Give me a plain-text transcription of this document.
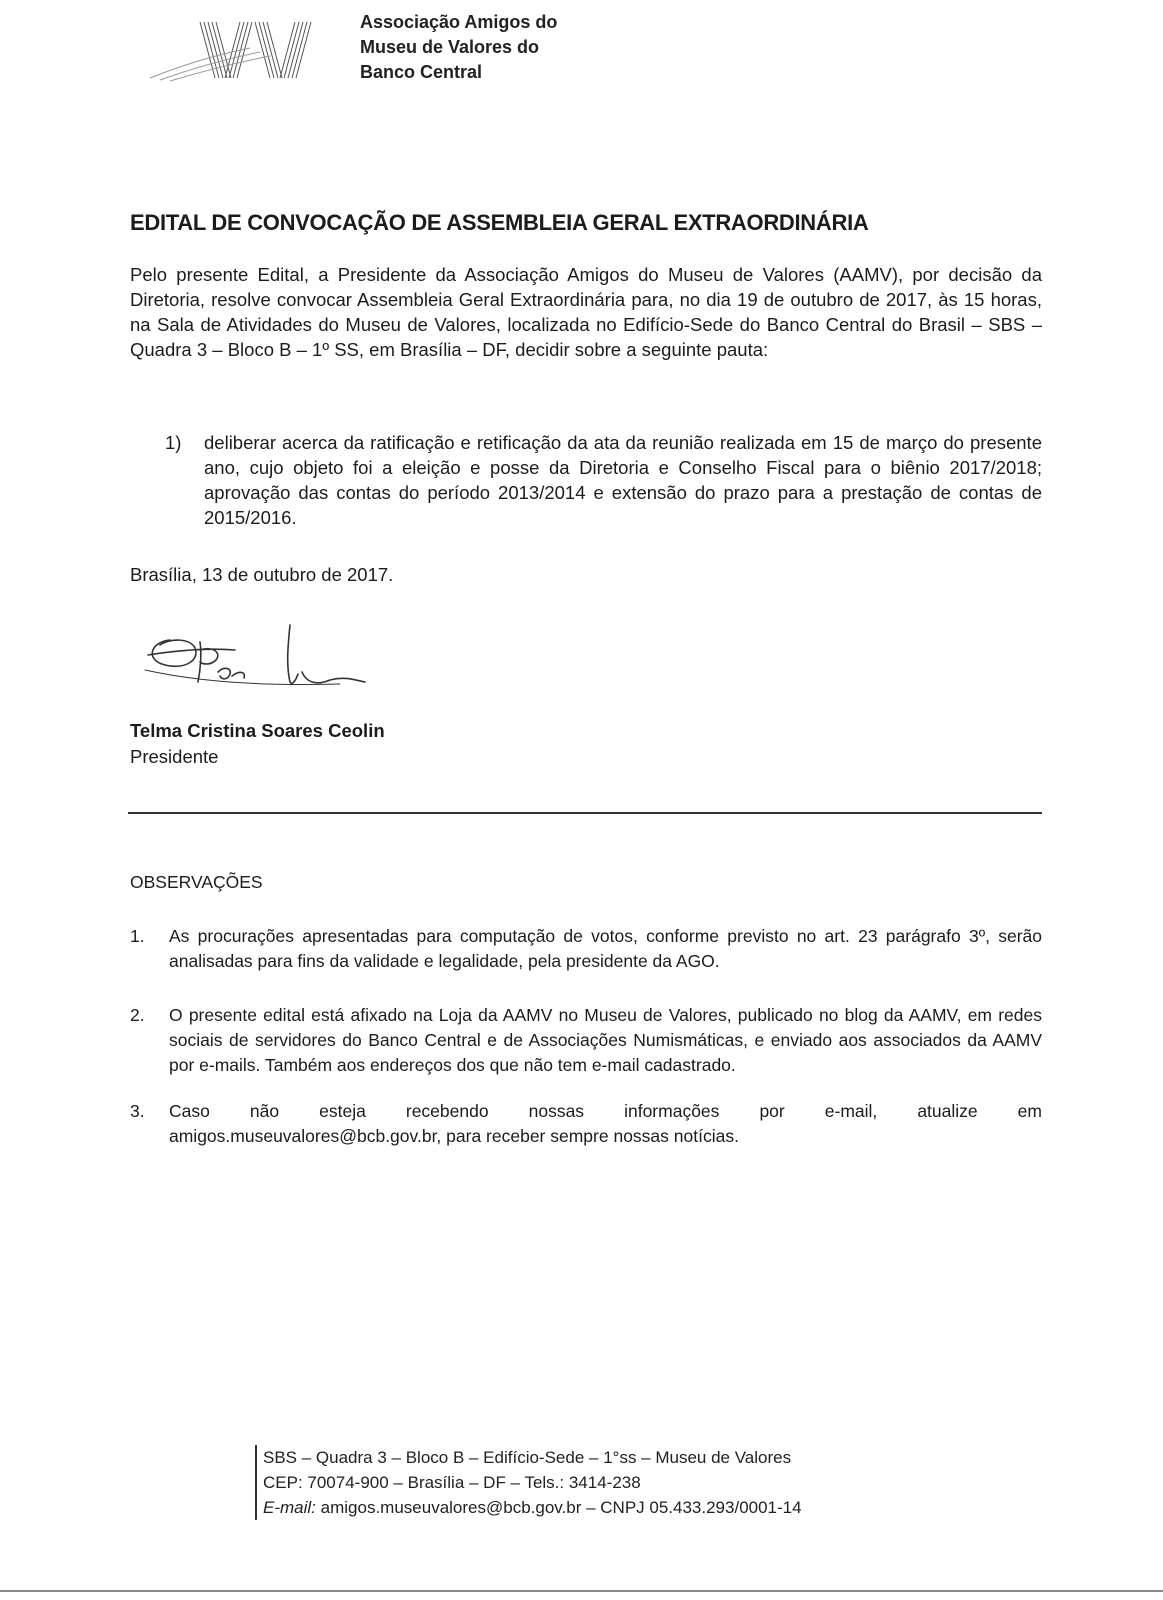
Associação Amigos do
Museu de Valores do
Banco Central
EDITAL DE CONVOCAÇÃO DE ASSEMBLEIA GERAL EXTRAORDINÁRIA

Pelo presente Edital, a Presidente da Associação Amigos do Museu de Valores (AAMV), por decisão da Diretoria, resolve convocar Assembleia Geral Extraordinária para, no dia 19 de outubro de 2017, às 15 horas, na Sala de Atividades do Museu de Valores, localizada no Edifício-Sede do Banco Central do Brasil – SBS – Quadra 3 – Bloco B – 1º SS, em Brasília – DF, decidir sobre a seguinte pauta:

1) deliberar acerca da ratificação e retificação da ata da reunião realizada em 15 de março do presente ano, cujo objeto foi a eleição e posse da Diretoria e Conselho Fiscal para o biênio 2017/2018; aprovação das contas do período 2013/2014 e extensão do prazo para a prestação de contas de 2015/2016.
Brasília, 13 de outubro de 2017.
Telma Cristina Soares Ceolin
Presidente
OBSERVAÇÕES
1. As procurações apresentadas para computação de votos, conforme previsto no art. 23 parágrafo 3º, serão analisadas para fins da validade e legalidade, pela presidente da AGO.
2. O presente edital está afixado na Loja da AAMV no Museu de Valores, publicado no blog da AAMV, em redes sociais de servidores do Banco Central e de Associações Numismáticas, e enviado aos associados da AAMV por e-mails. Também aos endereços dos que não tem e-mail cadastrado.
3. Caso não esteja recebendo nossas informações por e-mail, atualize em
amigos.museuvalores@bcb.gov.br, para receber sempre nossas notícias.
SBS – Quadra 3 – Bloco B – Edifício-Sede – 1°ss – Museu de Valores
CEP: 70074-900 – Brasília – DF – Tels.: 3414-238
E-mail: amigos.museuvalores@bcb.gov.br – CNPJ 05.433.293/0001-14
